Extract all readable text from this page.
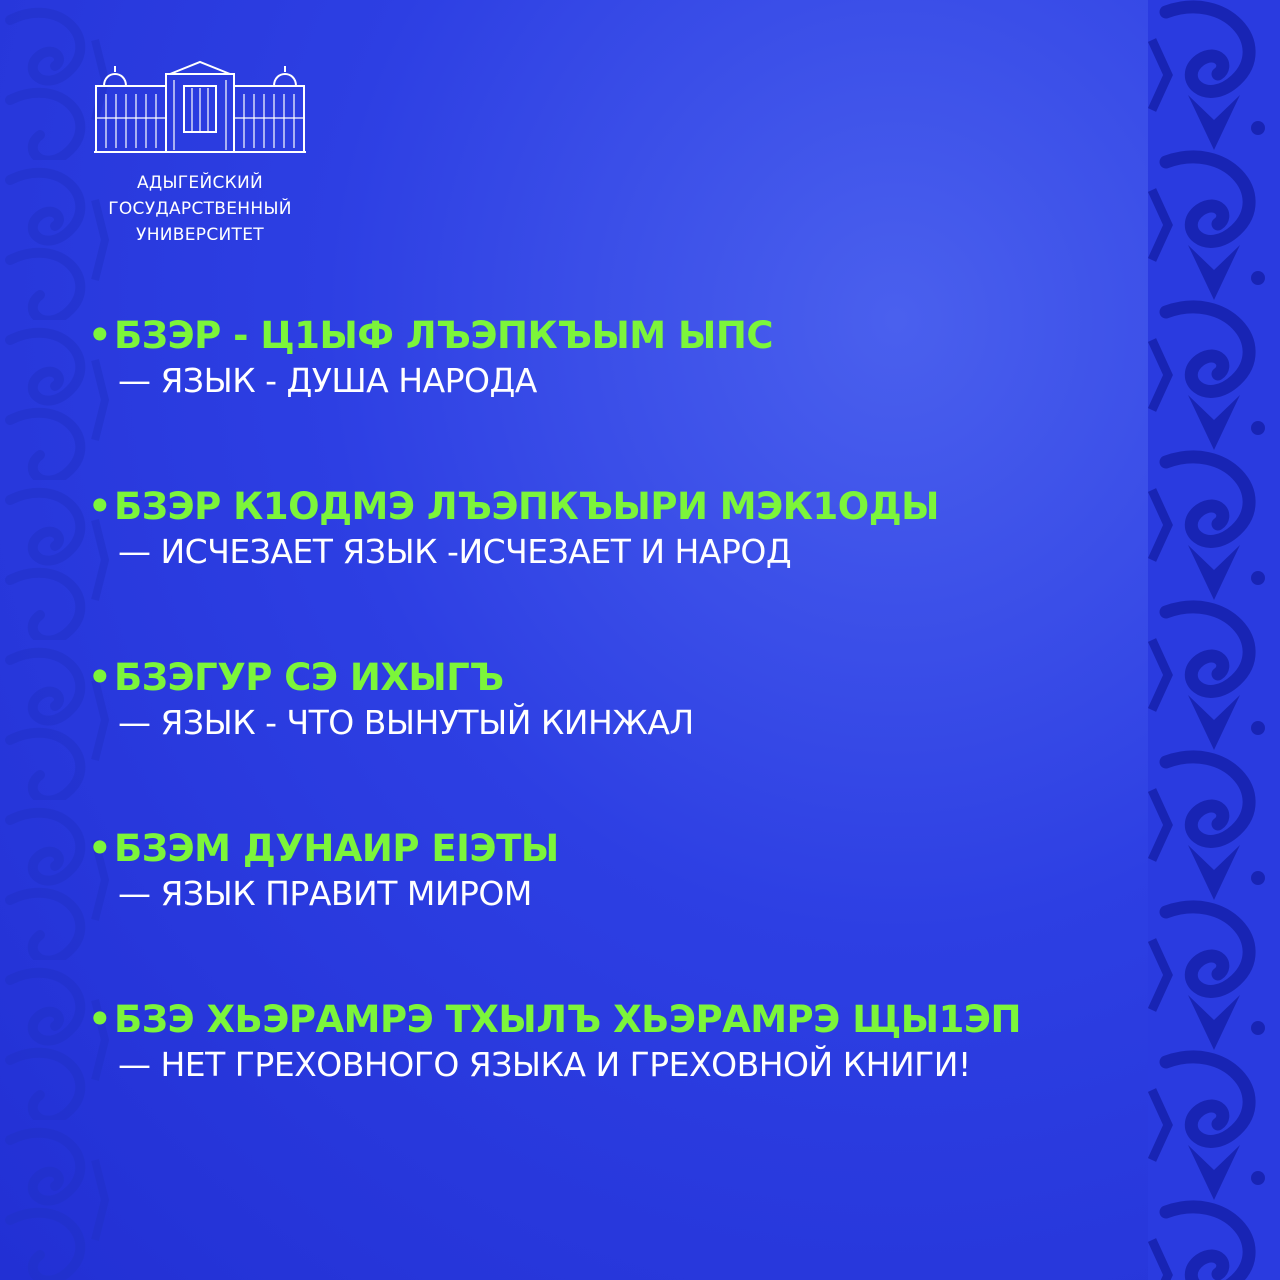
АДЫГЕЙСКИЙ
ГОСУДАРСТВЕННЫЙ
УНИВЕРСИТЕТ
•БЗЭР - Ц1ЫФ ЛЪЭПКЪЫМ ЫПС
— ЯЗЫК - ДУША НАРОДА
•БЗЭР К1ОДМЭ ЛЪЭПКЪЫРИ МЭК1ОДЫ
— ИСЧЕЗАЕТ ЯЗЫК -ИСЧЕЗАЕТ И НАРОД
•БЗЭГУР СЭ ИХЫГЪ
— ЯЗЫК - ЧТО ВЫНУТЫЙ КИНЖАЛ
•БЗЭМ ДУНАИР ЕIЭТЫ
— ЯЗЫК ПРАВИТ МИРОМ
•БЗЭ ХЬЭРАМРЭ ТХЫЛЪ ХЬЭРАМРЭ ЩЫ1ЭП
— НЕТ ГРЕХОВНОГО ЯЗЫКА И ГРЕХОВНОЙ КНИГИ!
